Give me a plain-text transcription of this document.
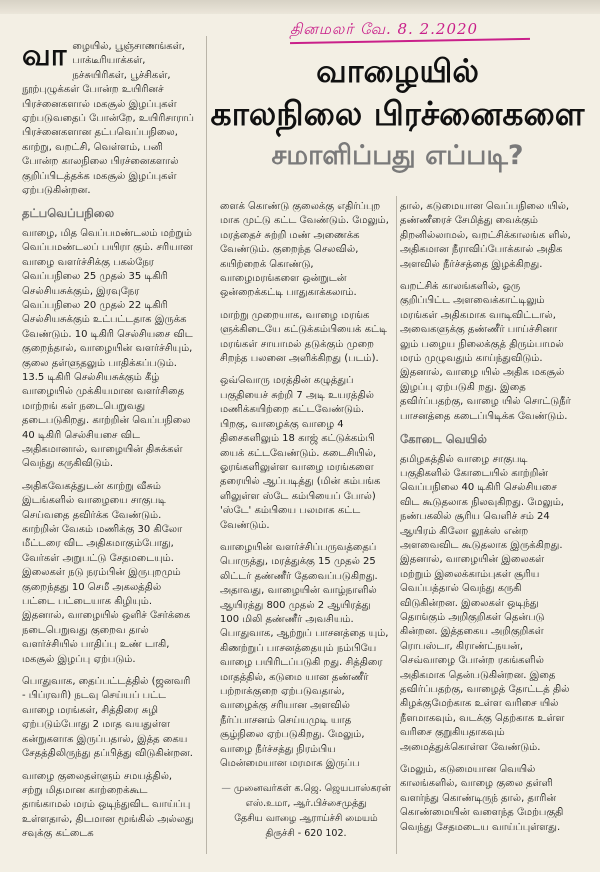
தினமலர் வே. 8. 2.2020
வாழையில்
காலநிலை பிரச்னைகளை
சமாளிப்பது எப்படி?

வாழையில், பூஞ்சாணங்கள், பாக்டீரியாக்கள், நச்சுயிரிகள், பூச்சிகள், நூற்புழுக்கள் போன்ற உயிரினச் பிரச்னைகளால் மகசூல் இழப்புகள் ஏற்படுவதைப் போன்றே, உயிரிசாராப் பிரச்னைகளான தட்பவெப்பநிலை, காற்று, வறட்சி, வெள்ளம், பனி போன்ற காலநிலை பிரச்னைகளால் குறிப்பிடத்தக்க மகசூல் இழப்புகள் ஏற்படுகின்றன.

தட்பவெப்பநிலை

வாழை, மித வெப்பமண்டலம் மற்றும் வெப்பமண்டலப் பயிரா கும். சரியான வாழை வளர்ச்சிக்கு பகல்நேர வெப்பநிலை 25 முதல் 35 டிகிரி செல்சியசுக்கும், இரவுநேர வெப்பநிலை 20 முதல் 22 டிகிரி செல்சியசுக்கும் உட்பட்டதாக இருக்க வேண்டும். 10 டிகிரி செல்சியசை விட குறைந்தால், வாழையின் வளர்ச்சியும், குலை தள்ளுதலும் பாதிக்கப்படும். 13.5 டிகிரி செல்சியசுக்கும் கீழ் வாழையில் முக்கியமான வளர்சிதை மாற்றங் கள் நடைபெறுவது தடைபடுகிறது. காற்றின் வெப்பநிலை 40 டிகிரி செல்சியசை விட அதிகமானால், வாழையின் திசுக்கள் வெந்து கருகிவிடும்.

அதிகவேகத்துடன் காற்று வீசும் இடங்களில் வாழையை சாகுபடி செய்வதை தவிர்க்க வேண்டும். காற்றின் வேகம் மணிக்கு 30 கிலோ மீட்டரை விட அதிகமாகும்போது, வேர்கள் அறுபட்டு சேதமடையும். இலைகள் நடு நரம்பின் இருபுறமும் குறைந்தது 10 செமீ அகலத்தில் பட்டை பட்டையாக கிழியும். இதனால், வாழையில் ஒளிச் சேர்க்கை நடைபெறுவது குறைவ தால் வளர்ச்சியில் பாதிப்பு உண் டாகி, மகசூல் இழப்பு ஏற்படும்.

பொதுவாக, தைப்பட்டத்தில் (ஜனவரி - பிப்ரவரி) நடவு செய்யப் பட்ட வாழை மரங்கள், சித்திரை சுழி ஏற்படும்போது 2 மாத வயதுள்ள கன்றுகளாக இருப்பதால், இத்த கைய சேதத்திலிருந்து தப்பித்து விடுகின்றன.

வாழை குலைதள்ளும் சமயத்தில், சற்று மிதமான காற்றைக்கூட தாங்காமல் மரம் ஒடிந்துவிட வாய்ப்பு உள்ளதால், திடமான மூங்கில் அல்லது சவுக்கு கட்டைக

ளைக் கொண்டு குலைக்கு எதிர்ப்புற மாக முட்டு கட்ட வேண்டும். மேலும், மரத்தைச் சுற்றி மண் அணைக்க வேண்டும். குறைந்த செலவில், கயிற்றைக் கொண்டு, வாழைமரங்களை ஒன்றுடன் ஒன்றைக்கட்டி பாதுகாக்கலாம்.

மாற்று முறையாக, வாழை மரங்க ளுக்கிடையே கட்டுக்கம்பியைக் கட்டி மரங்கள் சாயாமல் தடுக்கும் முறை சிறந்த பலனை அளிக்கிறது (படம்).

ஒவ்வொரு மரத்தின் கழுத்துப் பகுதியைச் சுற்றி 7 அடி உயரத்தில் மணிக்கயிற்றை கட்டவேண்டும். பிறகு, வாழைக்கு வாழை 4 திசைகளிலும் 18 காஜ் கட்டுக்கம்பி யைக் கட்டவேண்டும். கடைசியில், ஓரங்களிலுள்ள வாழை மரங்களை தரையில் ஆப்படித்து (மின் கம்பங்க ளிலுள்ள ஸ்டே கம்பியைப் போல்) 'ஸ்டே' கம்பியை பலமாக கட்ட வேண்டும்.

வாழையின் வளர்ச்சிப்பருவத்தைப் பொருத்து, மரத்துக்கு 15 முதல் 25 லிட்டர் தண்ணீர் தேவைப்படுகிறது. அதாவது, வாழையின் வாழ்நாளில் ஆயிரத்து 800 முதல் 2 ஆயிரத்து 100 மிலி தண்ணீர் அவசியம். பொதுவாக, ஆற்றுப் பாசனத்தை யும், கிணற்றுப் பாசனத்தையும் நம்பியே வாழை பயிரிடப்படுகி றது. சித்திரை மாதத்தில், கடுமை யான தண்ணீர் பற்றாக்குறை ஏற்படுவதால், வாழைக்கு சரியான அளவில் நீர்ப்பாசனம் செய்யமுடி யாத சூழ்நிலை ஏற்படுகிறது. மேலும், வாழை நீர்ச்சத்து நிரம்பிய மென்மையான மரமாக இருப்ப

— முனைவர்கள் க.ஜெ. ஜெயபாஸ்கரன்
எஸ்.உமா, ஆர்.பிச்சைமுத்து
தேசிய வாழை ஆராய்ச்சி மையம்
திருச்சி - 620 102.

தால், கடுமையான வெப்பநிலை யில், தண்ணீரைச் சேமித்து வைக்கும் திறனில்லாமல், வறட்சிக்காலங்க ளில், அதிகமான நீராவிப்போக்கால் அதிக அளவில் நீர்ச்சத்தை இழக்கிறது.

வறட்சிக் காலங்களில், ஒரு குறிப்பிட்ட அளவைக்காட்டிலும் மரங்கள் அதிகமாக வாடிவிட்டால், அவைகளுக்கு தண்ணீர் பாய்ச்சினா லும் பழைய நிலைக்குத் திரும்பாமல் மரம் முழுவதும் காய்ந்துவிடும். இதனால், வாழை யில் அதிக மகசூல் இழப்பு ஏற்படுகி றது. இதை தவிர்ப்பதற்கு, வாழை யில் சொட்டுநீர் பாசனத்தை கடைப்பிடிக்க வேண்டும்.

கோடை வெயில்

தமிழகத்தில் வாழை சாகுபடி பகுதிகளில் கோடையில் காற்றின் வெப்பநிலை 40 டிகிரி செல்சியசை விட கூடுதலாக நிலவுகிறது. மேலும், நண்பகலில் சூரிய வெளிச் சம் 24 ஆயிரம் கிலோ லூக்ஸ் என்ற அளவைவிட கூடுதலாக இருக்கிறது. இதனால், வாழையின் இலைகள் மற்றும் இலைக்காம்புகள் சூரிய வெப்பத்தால் வெந்து கருகி விடுகின்றன. இலைகள் ஒடிந்து தொங்கும் அறிகுறிகள் தென்படு கின்றன. இத்தகைய அறிகுறிகள் ரொபஸ்டா, கிராண்ட்நயன், செவ்வாழை போன்ற ரகங்களில் அதிகமாக தென்படுகின்றன. இதை தவிர்ப்பதற்கு, வாழைத் தோட்டத் தில் கிழக்குமேற்காக உள்ள வரிசை யில் நீளமாகவும், வடக்கு தெற்காக உள்ள வரிசை குறுகியதாகவும் அமைத்துக்கொள்ள வேண்டும்.

மேலும், கடுமையான வெயில் காலங்களில், வாழை குலை தள்ளி வளர்ந்து கொண்டிருந் தால், தாரின் கொண்மையின் வளைந்த மேற்பகுதி வெந்து சேதமடைய வாய்ப்புள்ளது.
